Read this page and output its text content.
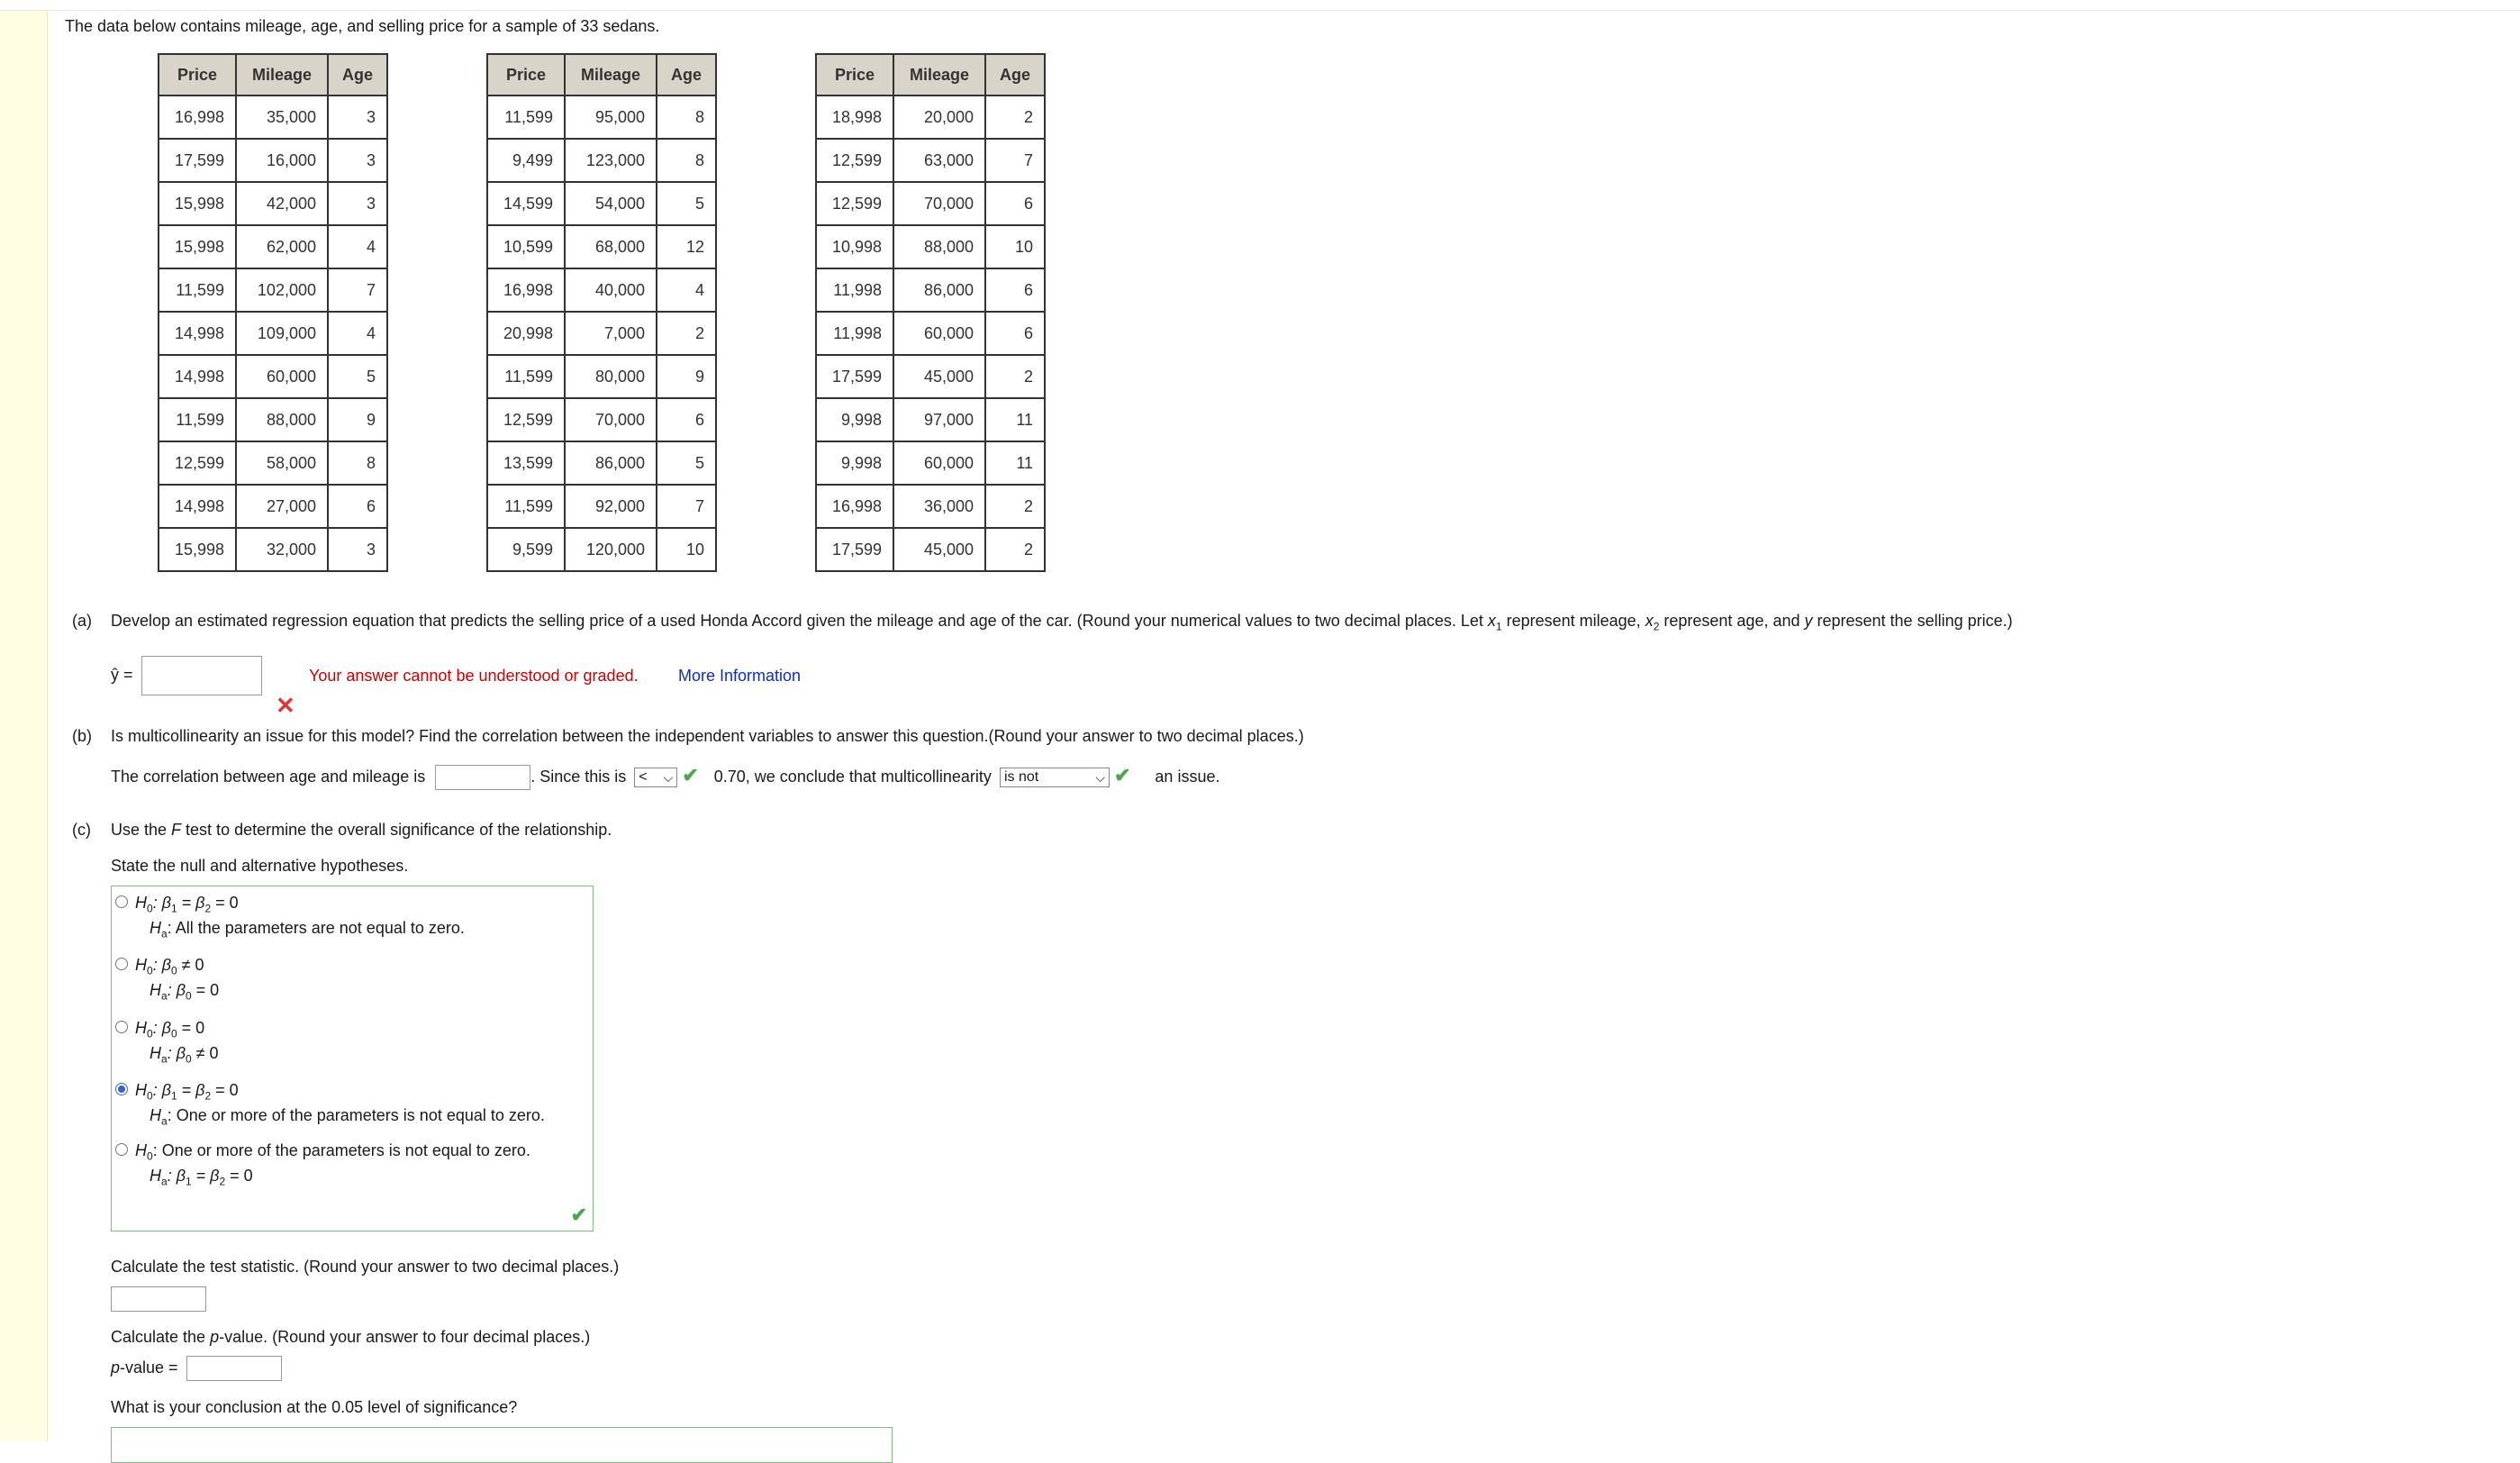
The data below contains mileage, age, and selling price for a sample of 33 sedans.
Price	Mileage	Age
16,998	35,000	3
17,599	16,000	3
15,998	42,000	3
15,998	62,000	4
11,599	102,000	7
14,998	109,000	4
14,998	60,000	5
11,599	88,000	9
12,599	58,000	8
14,998	27,000	6
15,998	32,000	3
Price	Mileage	Age
11,599	95,000	8
9,499	123,000	8
14,599	54,000	5
10,599	68,000	12
16,998	40,000	4
20,998	7,000	2
11,599	80,000	9
12,599	70,000	6
13,599	86,000	5
11,599	92,000	7
9,599	120,000	10
Price	Mileage	Age
18,998	20,000	2
12,599	63,000	7
12,599	70,000	6
10,998	88,000	10
11,998	86,000	6
11,998	60,000	6
17,599	45,000	2
9,998	97,000	11
9,998	60,000	11
16,998	36,000	2
17,599	45,000	2
(a) Develop an estimated regression equation that predicts the selling price of a used Honda Accord given the mileage and age of the car. (Round your numerical values to two decimal places. Let $x_1$ represent mileage, $x_2$ represent age, and y represent the selling price.)
ŷ =	Your answer cannot be understood or graded. More Information
✕
(b) Is multicollinearity an issue for this model? Find the correlation between the independent variables to answer this question.(Round your answer to two decimal places.)
The correlation between age and mileage is	. Since this is < ⌵ ✔ 0.70, we conclude that multicollinearity is not	⌵ ✔ an issue.
(c) Use the F test to determine the overall significance of the relationship.
State the null and alternative hypotheses.
$H_0$: $\beta_1 = \beta_2 = 0$
$H_a$: All the parameters are not equal to zero.
$H_0$: $\beta_0 \ne 0$
$H_a$: $\beta_0 = 0$
$H_0$: $\beta_0 = 0$
$H_a$: $\beta_0 \ne 0$
$H_0$: $\beta_1 = \beta_2 = 0$
$H_a$: One or more of the parameters is not equal to zero.
$H_0$: One or more of the parameters is not equal to zero.
$H_a$: $\beta_1 = \beta_2 = 0$
✔
Calculate the test statistic. (Round your answer to two decimal places.)
Calculate the p-value. (Round your answer to four decimal places.)
p-value =
What is your conclusion at the 0.05 level of significance?
